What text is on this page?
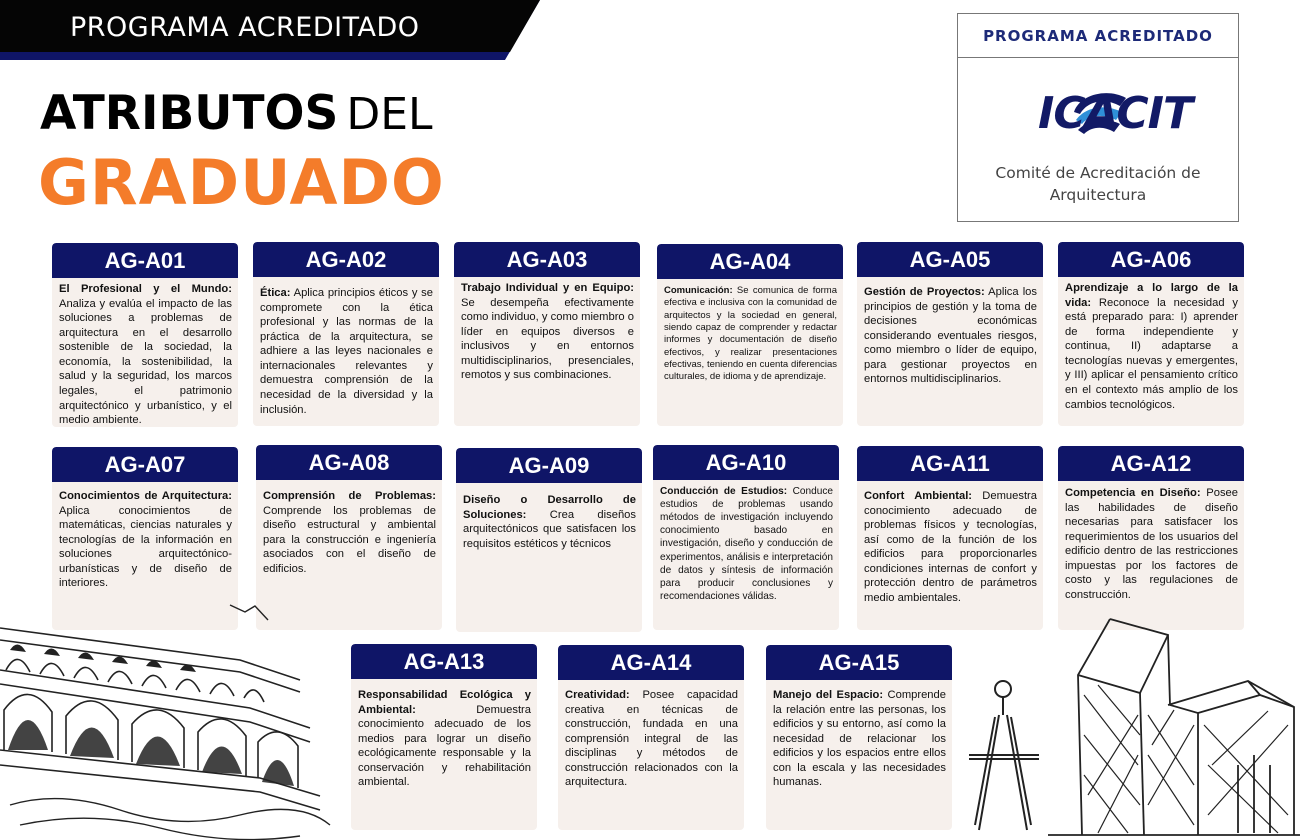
PROGRAMA ACREDITADO
ATRIBUTOS DEL
GRADUADO
PROGRAMA ACREDITADO
ICACIT
Comité de Acreditación de
Arquitectura
AG-A01
El Profesional y el Mundo: Analiza y evalúa el impacto de las soluciones a problemas de arquitectura en el desarrollo sostenible de la sociedad, la economía, la sostenibilidad, la salud y la seguridad, los marcos legales, el patrimonio arquitectónico y urbanístico, y el medio ambiente.
AG-A02
Ética: Aplica principios éticos y se compromete con la ética profesional y las normas de la práctica de la arquitectura, se adhiere a las leyes nacionales e internacionales relevantes y demuestra comprensión de la necesidad de la diversidad y la inclusión.
AG-A03
Trabajo Individual y en Equipo: Se desempeña efectivamente como individuo, y como miembro o líder en equipos diversos e inclusivos y en entornos multidisciplinarios, presenciales, remotos y sus combinaciones.
AG-A04
Comunicación: Se comunica de forma efectiva e inclusiva con la comunidad de arquitectos y la sociedad en general, siendo capaz de comprender y redactar informes y documentación de diseño efectivos, y realizar presentaciones efectivas, teniendo en cuenta diferencias culturales, de idioma y de aprendizaje.
AG-A05
Gestión de Proyectos: Aplica los principios de gestión y la toma de decisiones económicas considerando eventuales riesgos, como miembro o líder de equipo, para gestionar proyectos en entornos multidisciplinarios.
AG-A06
Aprendizaje a lo largo de la vida: Reconoce la necesidad y está preparado para: I) aprender de forma independiente y continua, II) adaptarse a tecnologías nuevas y emergentes, y III) aplicar el pensamiento crítico en el contexto más amplio de los cambios tecnológicos.
AG-A07
Conocimientos de Arquitectura: Aplica conocimientos de matemáticas, ciencias naturales y tecnologías de la información en soluciones arquitectónico-urbanísticas y de diseño de interiores.
AG-A08
Comprensión de Problemas: Comprende los problemas de diseño estructural y ambiental para la construcción e ingeniería asociados con el diseño de edificios.
AG-A09
Diseño o Desarrollo de Soluciones: Crea diseños arquitectónicos que satisfacen los requisitos estéticos y técnicos
AG-A10
Conducción de Estudios: Conduce estudios de problemas usando métodos de investigación incluyendo conocimiento basado en investigación, diseño y conducción de experimentos, análisis e interpretación de datos y síntesis de información para producir conclusiones y recomendaciones válidas.
AG-A11
Confort Ambiental: Demuestra conocimiento adecuado de problemas físicos y tecnologías, así como de la función de los edificios para proporcionarles condiciones internas de confort y protección dentro de parámetros medio ambientales.
AG-A12
Competencia en Diseño: Posee las habilidades de diseño necesarias para satisfacer los requerimientos de los usuarios del edificio dentro de las restricciones impuestas por los factores de costo y las regulaciones de construcción.
AG-A13
Responsabilidad Ecológica y Ambiental: Demuestra conocimiento adecuado de los medios para lograr un diseño ecológicamente responsable y la conservación y rehabilitación ambiental.
AG-A14
Creatividad: Posee capacidad creativa en técnicas de construcción, fundada en una comprensión integral de las disciplinas y métodos de construcción relacionados con la arquitectura.
AG-A15
Manejo del Espacio: Comprende la relación entre las personas, los edificios y su entorno, así como la necesidad de relacionar los edificios y los espacios entre ellos con la escala y las necesidades humanas.
